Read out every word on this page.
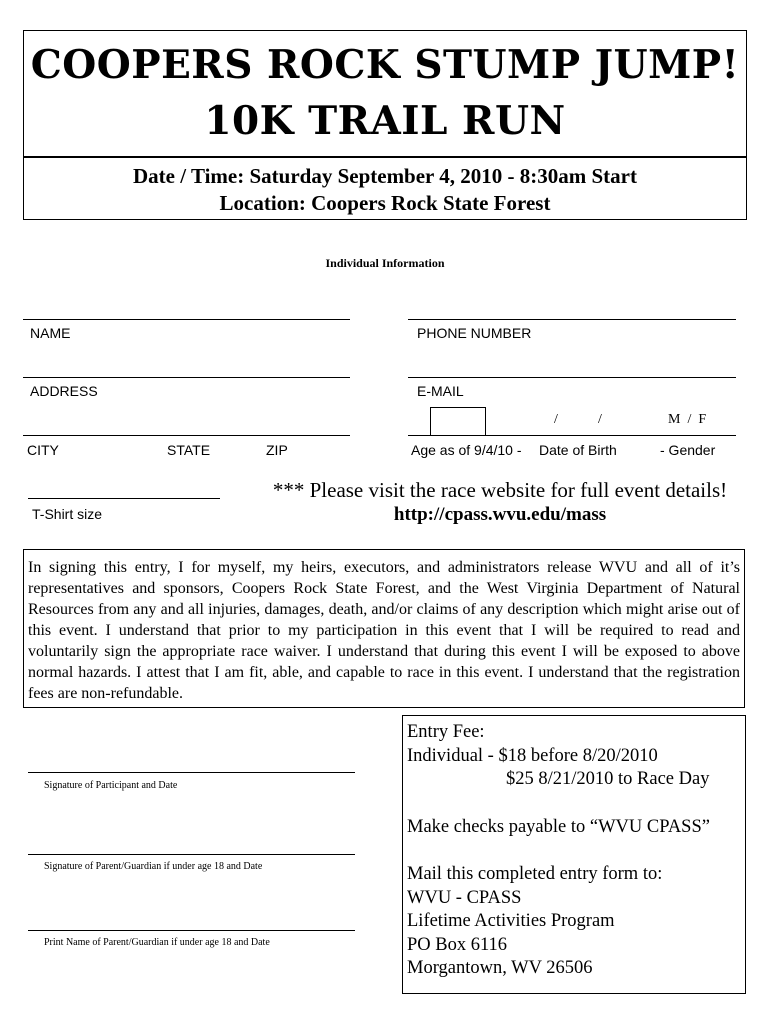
COOPERS ROCK STUMP JUMP!
10K TRAIL RUN
Date / Time: Saturday September 4, 2010 - 8:30am Start
Location: Coopers Rock State Forest
Individual Information
NAME	PHONE NUMBER
ADDRESS	E-MAIL
/	/	M  /  F
CITY	STATE	ZIP	Age as of 9/4/10 - Date of Birth	- Gender
T-Shirt size
*** Please visit the race website for full event details!
http://cpass.wvu.edu/mass
In signing this entry, I for myself, my heirs, executors, and administrators release WVU and all of it’s representatives and sponsors, Coopers Rock State Forest, and the West Virginia Department of Natural Resources from any and all injuries, damages, death, and/or claims of any description which might arise out of this event. I understand that prior to my participation in this event that I will be required to read and voluntarily sign the appropriate race waiver. I understand that during this event I will be exposed to above normal hazards. I attest that I am fit, able, and capable to race in this event. I understand that the registration fees are non-refundable.
Signature of Participant and Date
Signature of Parent/Guardian if under age 18 and Date
Print Name of Parent/Guardian if under age 18 and Date
Entry Fee:
Individual - $18 before 8/20/2010
$25 8/21/2010 to Race Day
Make checks payable to “WVU CPASS”
Mail this completed entry form to:
WVU - CPASS
Lifetime Activities Program
PO Box 6116
Morgantown, WV 26506
